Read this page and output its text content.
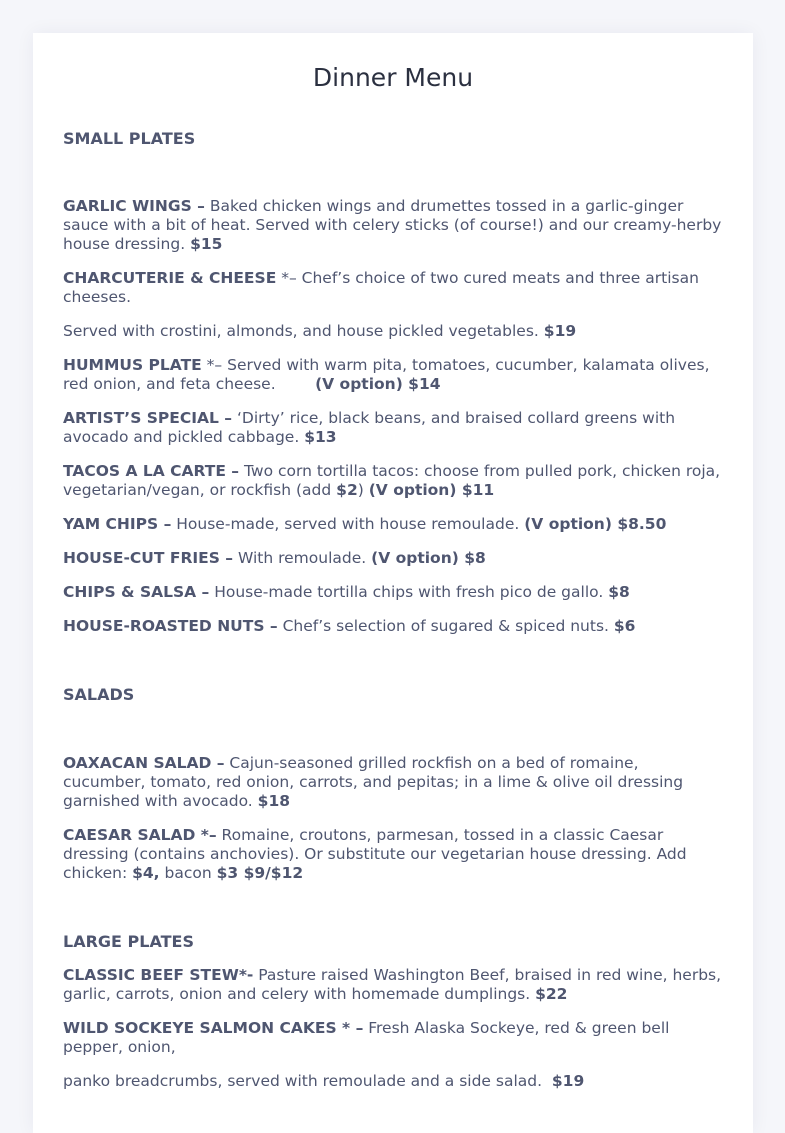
Dinner Menu

SMALL PLATES

GARLIC WINGS – Baked chicken wings and drumettes tossed in a garlic-ginger sauce with a bit of heat. Served with celery sticks (of course!) and our creamy-herby house dressing. $15

CHARCUTERIE & CHEESE *– Chef’s choice of two cured meats and three artisan cheeses.

Served with crostini, almonds, and house pickled vegetables. $19

HUMMUS PLATE *– Served with warm pita, tomatoes, cucumber, kalamata olives, red onion, and feta cheese.        (V option) $14

ARTIST’S SPECIAL – ‘Dirty’ rice, black beans, and braised collard greens with avocado and pickled cabbage. $13

TACOS A LA CARTE – Two corn tortilla tacos: choose from pulled pork, chicken roja, vegetarian/vegan, or rockfish (add $2) (V option) $11

YAM CHIPS – House-made, served with house remoulade. (V option) $8.50

HOUSE-CUT FRIES – With remoulade. (V option) $8

CHIPS & SALSA – House-made tortilla chips with fresh pico de gallo. $8

HOUSE-ROASTED NUTS – Chef’s selection of sugared & spiced nuts. $6

SALADS

OAXACAN SALAD – Cajun-seasoned grilled rockfish on a bed of romaine, cucumber, tomato, red onion, carrots, and pepitas; in a lime & olive oil dressing garnished with avocado. $18

CAESAR SALAD *– Romaine, croutons, parmesan, tossed in a classic Caesar dressing (contains anchovies). Or substitute our vegetarian house dressing. Add chicken: $4, bacon $3 $9/$12

LARGE PLATES

CLASSIC BEEF STEW*- Pasture raised Washington Beef, braised in red wine, herbs, garlic, carrots, onion and celery with homemade dumplings. $22

WILD SOCKEYE SALMON CAKES * – Fresh Alaska Sockeye, red & green bell pepper, onion,

panko breadcrumbs, served with remoulade and a side salad.  $19
